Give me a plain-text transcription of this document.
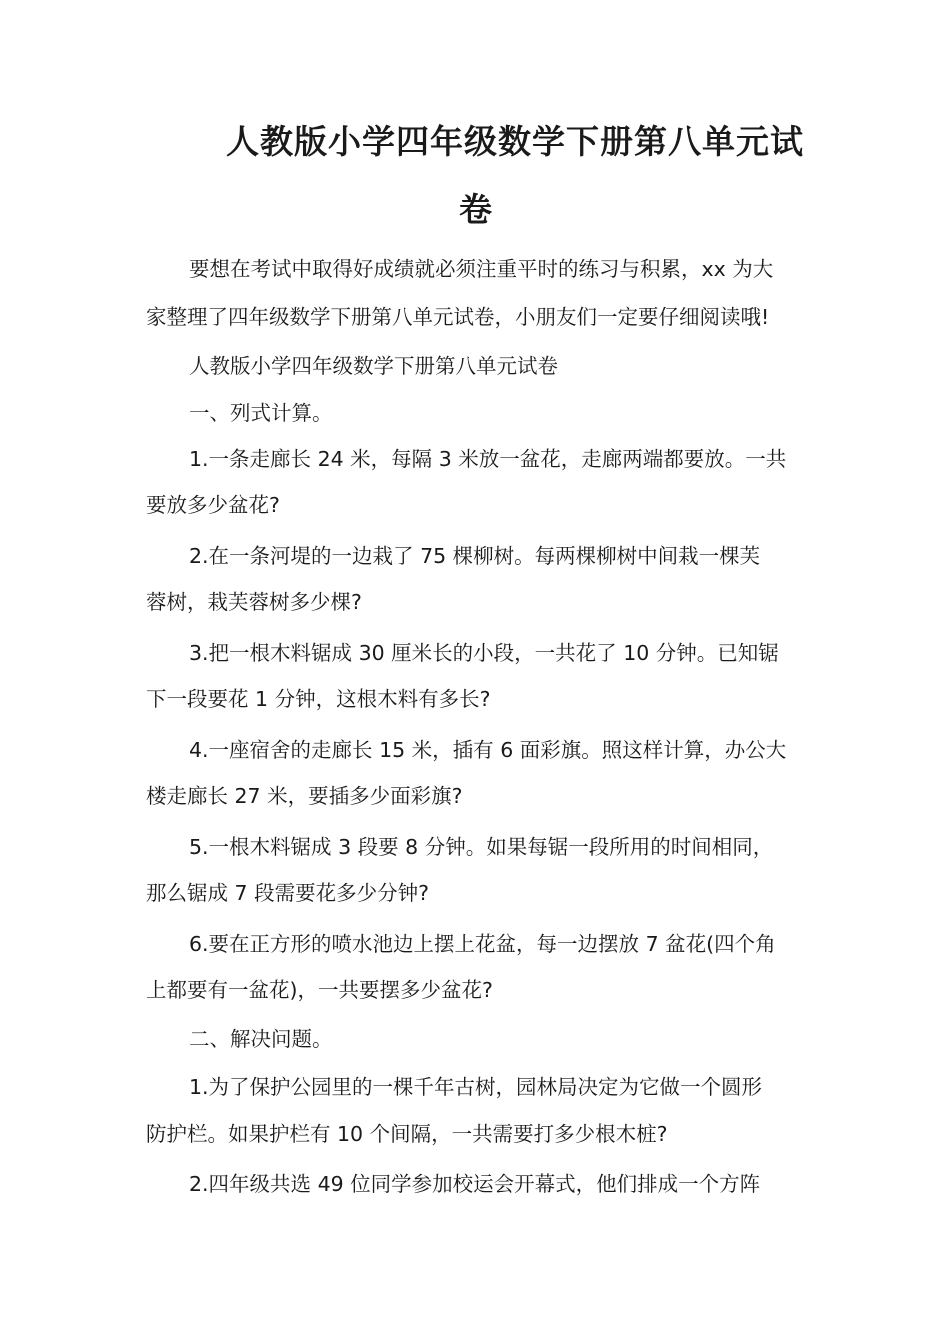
人教版小学四年级数学下册第八单元试
卷

要想在考试中取得好成绩就必须注重平时的练习与积累，xx 为大

家整理了四年级数学下册第八单元试卷，小朋友们一定要仔细阅读哦!

人教版小学四年级数学下册第八单元试卷

一、列式计算。

1.一条走廊长 24 米，每隔 3 米放一盆花，走廊两端都要放。一共

要放多少盆花?

2.在一条河堤的一边栽了 75 棵柳树。每两棵柳树中间栽一棵芙

蓉树，栽芙蓉树多少棵?

3.把一根木料锯成 30 厘米长的小段，一共花了 10 分钟。已知锯

下一段要花 1 分钟，这根木料有多长?

4.一座宿舍的走廊长 15 米，插有 6 面彩旗。照这样计算，办公大

楼走廊长 27 米，要插多少面彩旗?

5.一根木料锯成 3 段要 8 分钟。如果每锯一段所用的时间相同，

那么锯成 7 段需要花多少分钟?

6.要在正方形的喷水池边上摆上花盆，每一边摆放 7 盆花(四个角

上都要有一盆花)，一共要摆多少盆花?

二、解决问题。

1.为了保护公园里的一棵千年古树，园林局决定为它做一个圆形

防护栏。如果护栏有 10 个间隔，一共需要打多少根木桩?

2.四年级共选 49 位同学参加校运会开幕式，他们排成一个方阵
